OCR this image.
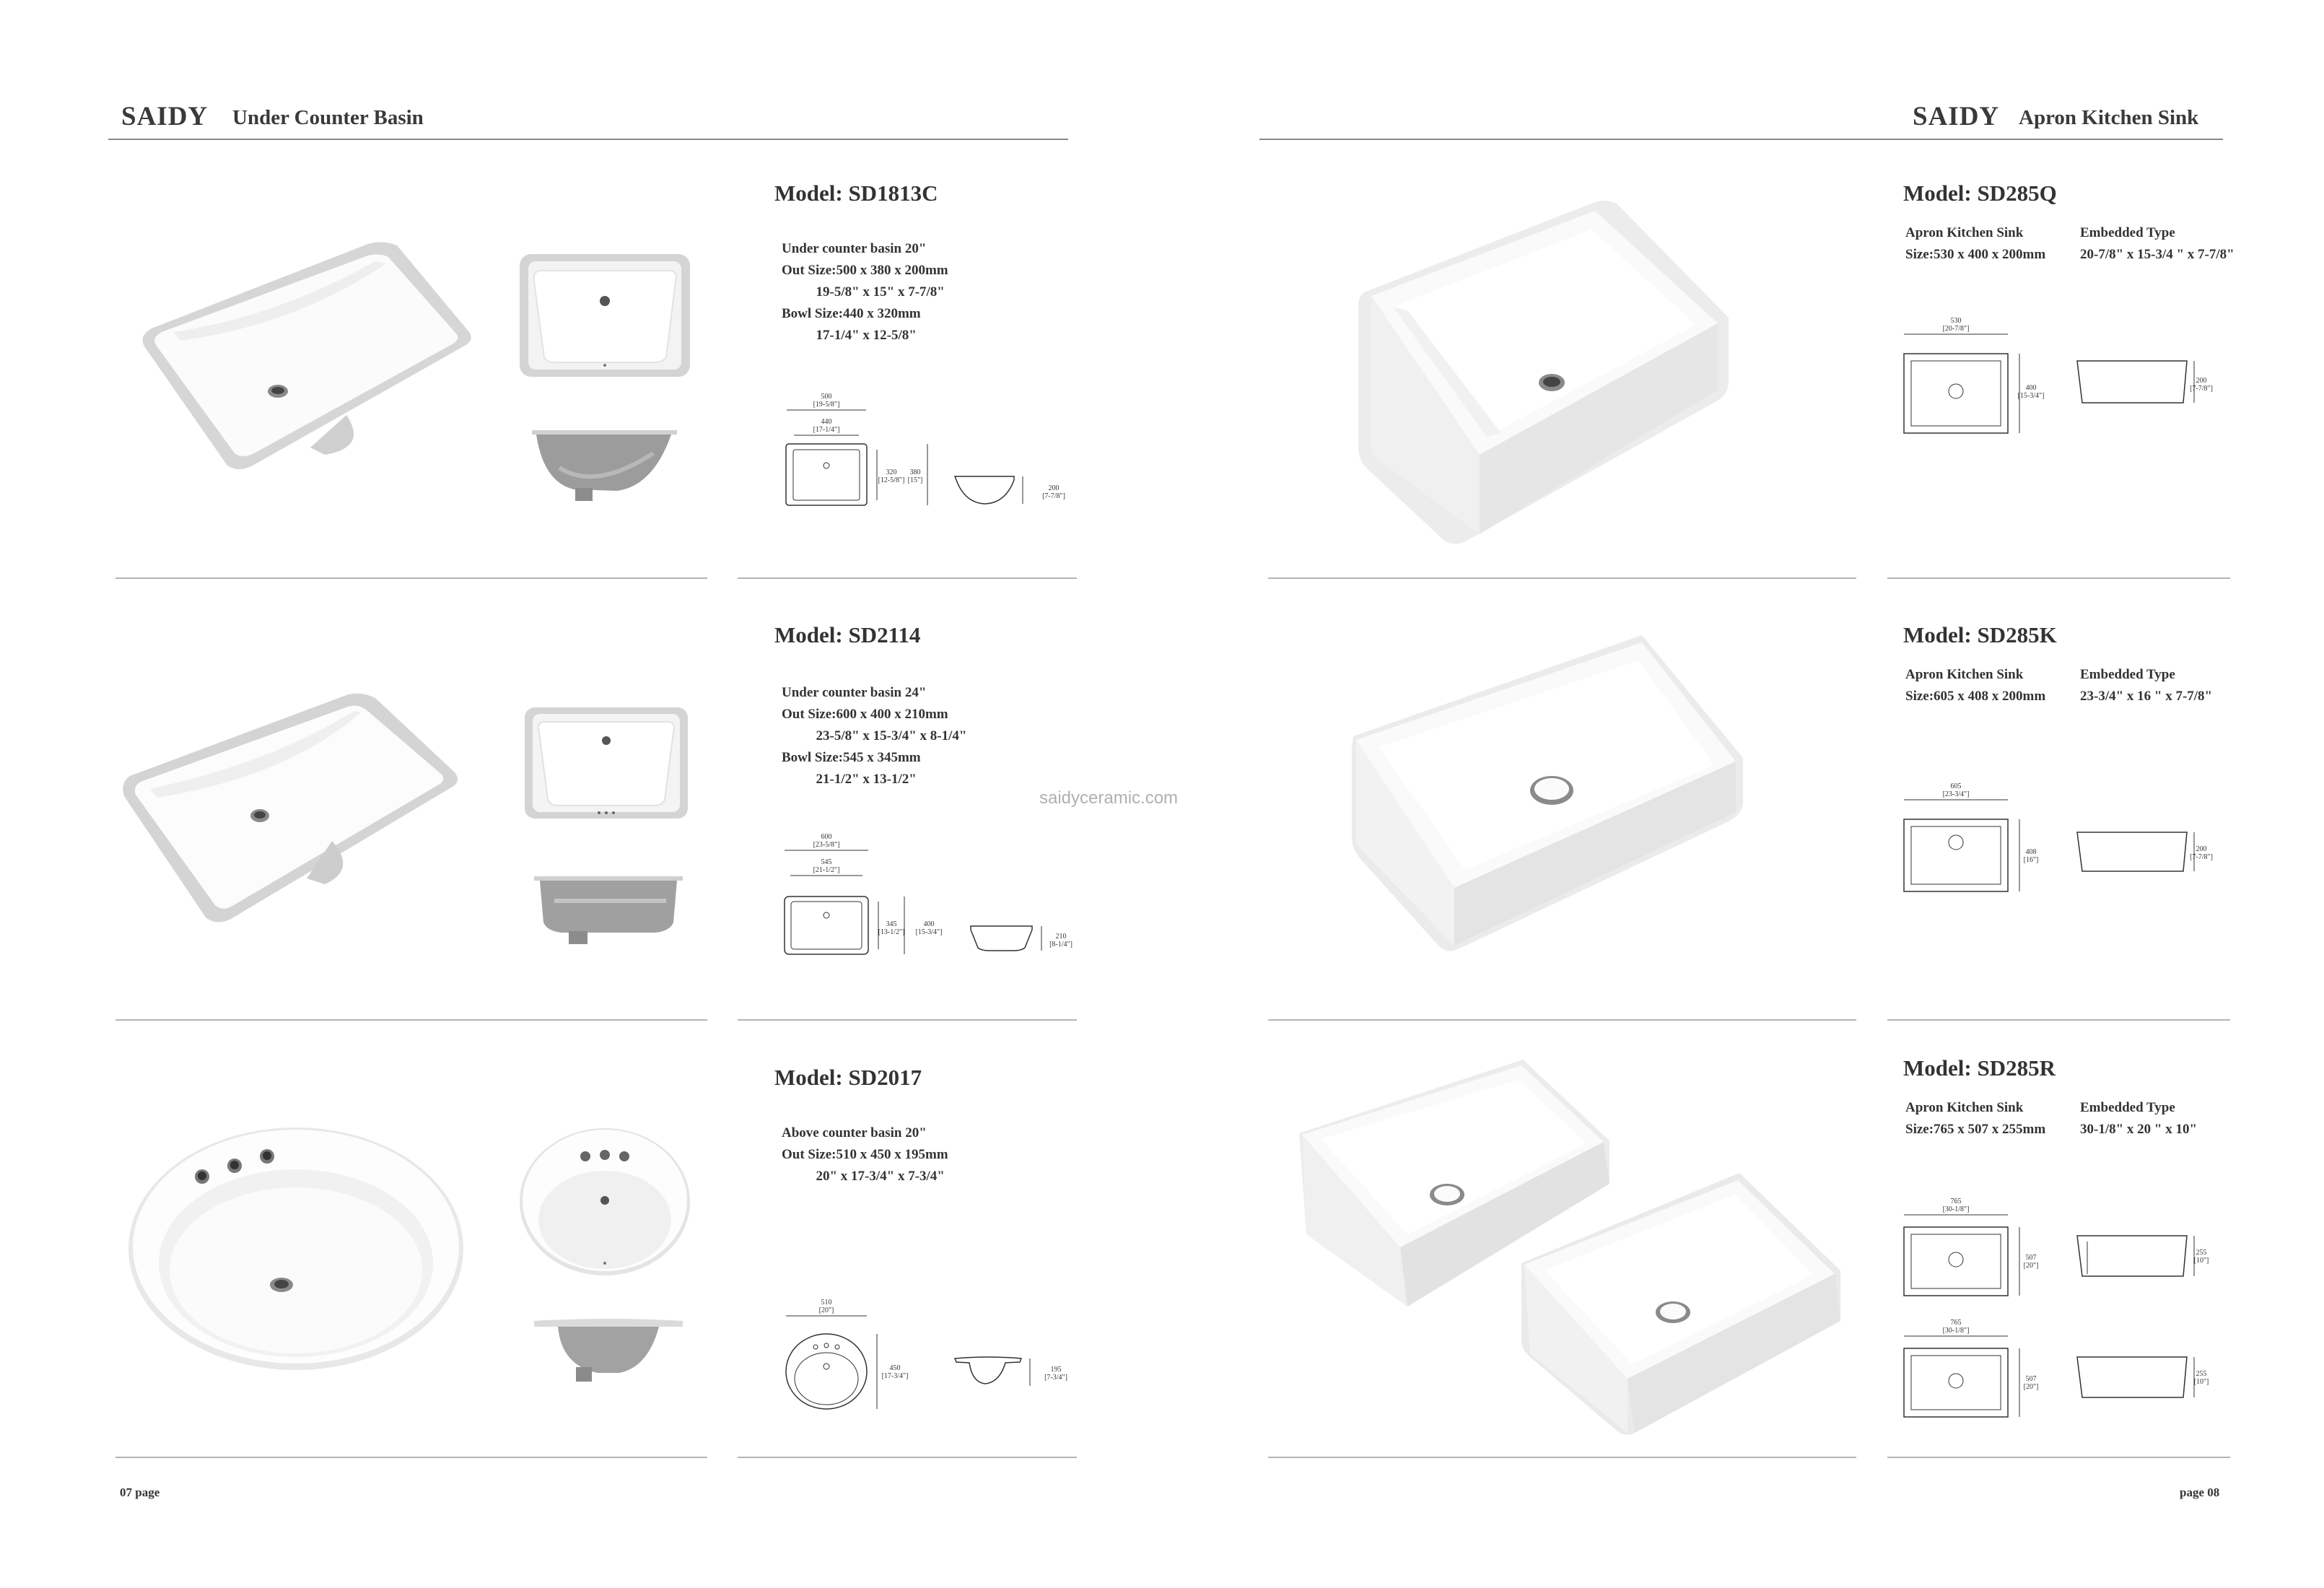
SAIDY Under Counter Basin	SAIDY Apron Kitchen Sink
Model: SD1813C
Under counter basin 20"
Out Size:500 x 380 x 200mm
19-5/8" x 15" x 7-7/8"
Bowl Size:440 x 320mm
17-1/4" x 12-5/8"
500
[19-5/8"]
440
[17-1/4"]
320
[12-5/8"]
380
[15"]
200
[7-7/8"]
Model: SD2114
Under counter basin 24"
Out Size:600 x 400 x 210mm
23-5/8" x 15-3/4" x 8-1/4"
Bowl Size:545 x 345mm
21-1/2" x 13-1/2"
600
[23-5/8"]
545
[21-1/2"]
345
[13-1/2"]
400
[15-3/4"]
210
[8-1/4"]
saidyceramic.com
Model: SD2017
Above counter basin 20"
Out Size:510 x 450 x 195mm
20" x 17-3/4" x 7-3/4"
510
[20"]
450
[17-3/4"]
195
[7-3/4"]
07 page
Model: SD285Q
Apron Kitchen Sink
Size:530 x 400 x 200mm
Embedded Type
20-7/8" x 15-3/4 " x 7-7/8"
530
[20-7/8"]
400
[15-3/4"]
200
[7-7/8"]
Model: SD285K
Apron Kitchen Sink
Size:605 x 408 x 200mm
Embedded Type
23-3/4" x 16 " x 7-7/8"
605
[23-3/4"]
408
[16"]
200
[7-7/8"]
Model: SD285R
Apron Kitchen Sink
Size:765 x 507 x 255mm
Embedded Type
30-1/8" x 20 " x 10"
765
[30-1/8"]
507
[20"]
255
[10"]
765
[30-1/8"]
507
[20"]
255
[10"]
page 08
